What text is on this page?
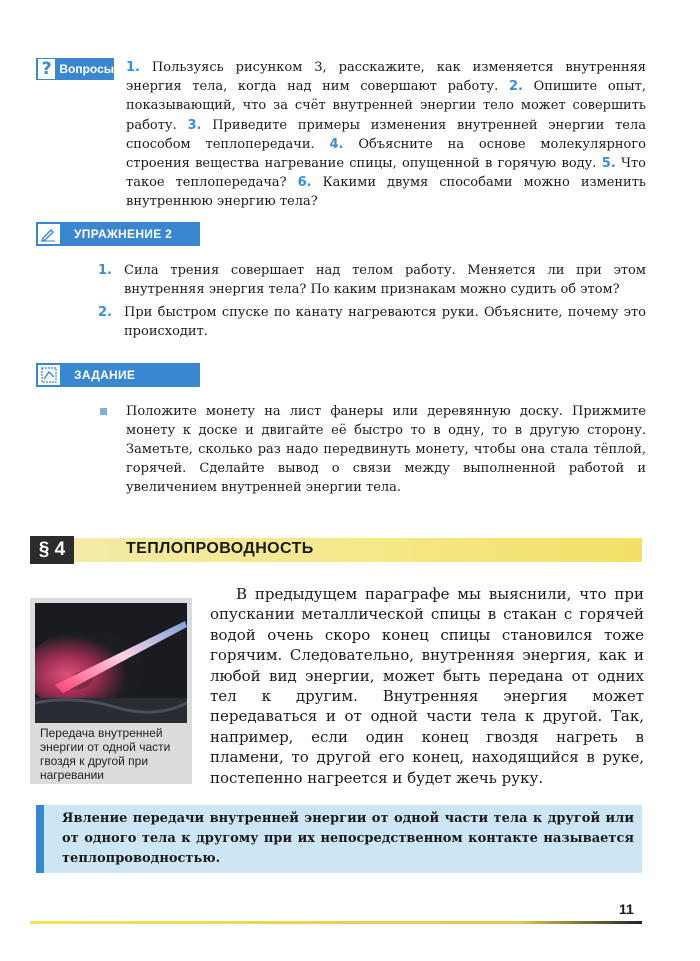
? Вопросы 1. Пользуясь рисунком 3, расскажите, как изменяется внутренняя энергия тела, когда над ним совершают работу. 2. Опишите опыт, показывающий, что за счёт внутренней энергии тело может совершить работу. 3. Приведите примеры изменения внутренней энергии тела способом теплопередачи. 4. Объясните на основе молекулярного строения вещества нагревание спицы, опущенной в горячую воду. 5. Что такое теплопередача? 6. Какими двумя способами можно изменить внутреннюю энергию тела?
УПРАЖНЕНИЕ 2
1. Сила трения совершает над телом работу. Меняется ли при этом внутренняя энергия тела? По каким признакам можно судить об этом?
2. При быстром спуске по канату нагреваются руки. Объясните, почему это происходит.
ЗАДАНИЕ
Положите монету на лист фанеры или деревянную доску. Прижмите монету к доске и двигайте её быстро то в одну, то в другую сторону. Заметьте, сколько раз надо передвинуть монету, чтобы она стала тёплой, горячей. Сделайте вывод о связи между выполненной работой и увеличением внутренней энергии тела.
§ 4	ТЕПЛОПРОВОДНОСТЬ
Передача внутренней энергии от одной части гвоздя к другой при нагревании
В предыдущем параграфе мы выяснили, что при опускании металлической спицы в стакан с горячей водой очень скоро конец спицы становился тоже горячим. Следовательно, внутренняя энергия, как и любой вид энергии, может быть передана от одних тел к другим. Внутренняя энергия может передаваться и от одной части тела к другой. Так, например, если один конец гвоздя нагреть в пламени, то другой его конец, находящийся в руке, постепенно нагреется и будет жечь руку.
Явление передачи внутренней энергии от одной части тела к другой или от одного тела к другому при их непосредственном контакте называется теплопроводностью.
11
